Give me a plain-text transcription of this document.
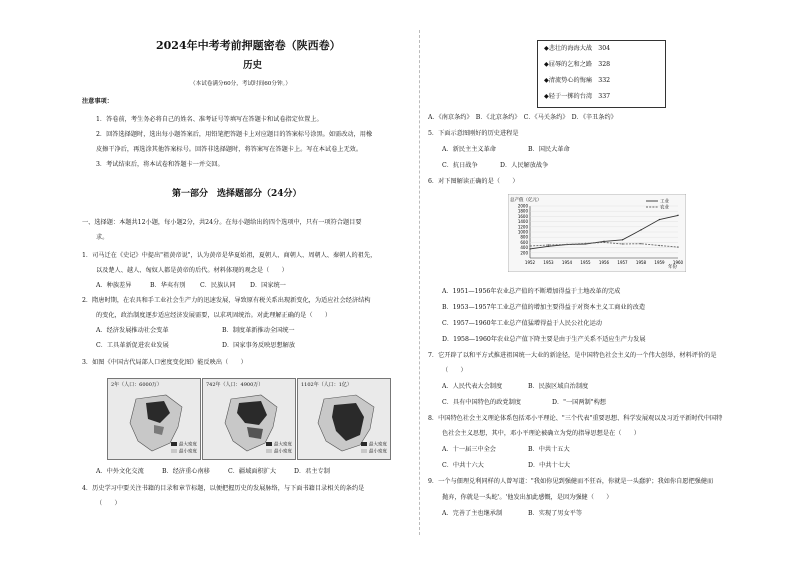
2024年中考考前押题密卷（陕西卷）
历史
（本试卷满分60分，考试时间60分钟。）
注意事项：
1．答卷前，考生务必将自己的姓名、准考证号等填写在答题卡和试卷指定位置上。
2．回答选择题时，选出每小题答案后，用铅笔把答题卡上对应题目的答案标号涂黑。如需改动，用橡
皮擦干净后，再选涂其他答案标号。回答非选择题时，将答案写在答题卡上。写在本试卷上无效。
3．考试结束后，将本试卷和答题卡一并交回。
第一部分　选择题部分（24分）
一、选择题：本题共12小题，每小题2分，共24分。在每小题给出的四个选项中，只有一项符合题目要
求。
1．司马迁在《史记》中提出"祖黄帝说"，认为黄帝是华夏始祖，夏朝人、商朝人、周朝人、秦朝人的祖先，
以及楚人、越人、匈奴人都是黄帝的后代。材料体现的观念是（　　）
A．种族差异	B．华夷有别 C．民族认同 D．国家统一
2．隋唐时期，在农具和手工业社会生产力的迅速发展，导致原有税关系出现新变化，为适应社会经济结构
的变化，政治制度逐步适应经济发展需要，以求巩固统治。对此理解正确的是（　　）
A．经济发展推动社会变革	B．制度革新推动全国统一
C．工具革新促进农业发展	D．国家事务反映思想解放
3．如图《中国古代局部人口密度变化图》能反映出（　　）
2年（人口：6000万）
最大密度
最小密度
742年（人口：4900万）
最大密度
最小密度
1102年（人口：1亿）
最大密度
最小密度
A．中外文化交流	B．经济重心南移	C．疆域面积扩大	D．君主专制
4．历史学习中要关注书籍的目录和章节标题，以便把握历史的发展脉络，与下面书籍目录相关的条约是
（　　）
◆悲壮的海海大战　 304
◆屈辱的乞和之路　 328
◆清流势心的悔痛　 332
◆轻于一掷的台湾　 337
A．《南京条约》　B．《北京条约》　C．《马关条约》　D．《辛丑条约》
5．下面示意图刚好的历史进程是
A．新民主主义革命	B．国民大革命
C．抗日战争	D．人民解放战争
6．对下图解读正确的是（　　）
总产值（亿元）
年份
2000
1800
1600
1400
1200
1000
800
600
400
200
1952 1953 1954 1955 1956 1957 1958 1959 1960
工业
农业
A．1951—1956年农业总产值的不断增加得益于土地改革的完成
B．1953—1957年工业总产值的增加主要得益于对资本主义工商业的改造
C．1957—1960年工业总产值猛增得益于人民公社化运动
D．1958—1960年农业总产值下降主要是由于生产关系不适应生产力发展
7．它开辟了以和平方式推进祖国统一大业的新途径，是中国特色社会主义的一个伟大创举，材料评价的是
（　　）
A．人民代表大会制度	B．民族区域自治制度
C．具有中国特色的政党制度	D．"一国两制"构想
8．中国特色社会主义理论体系包括邓小平理论、"三个代表"重要思想、科学发展观以及习近平新时代中国特
色社会主义思想，其中，邓小平理论被确立为党的指导思想是在（　　）
A．十一届三中全会	B．中共十五大
C．中共十六大	D．中共十七大
9．一个与佃理兑利同样的人曾写道："我如你见到强健而不狂吞，你就是一头蠢驴；我如你自愿把强健而
抛弃，你就是一头蛇'。'他发出加此感慨，是因为强健（　　）
A．完善了主也继承制	B．实现了男女平等
